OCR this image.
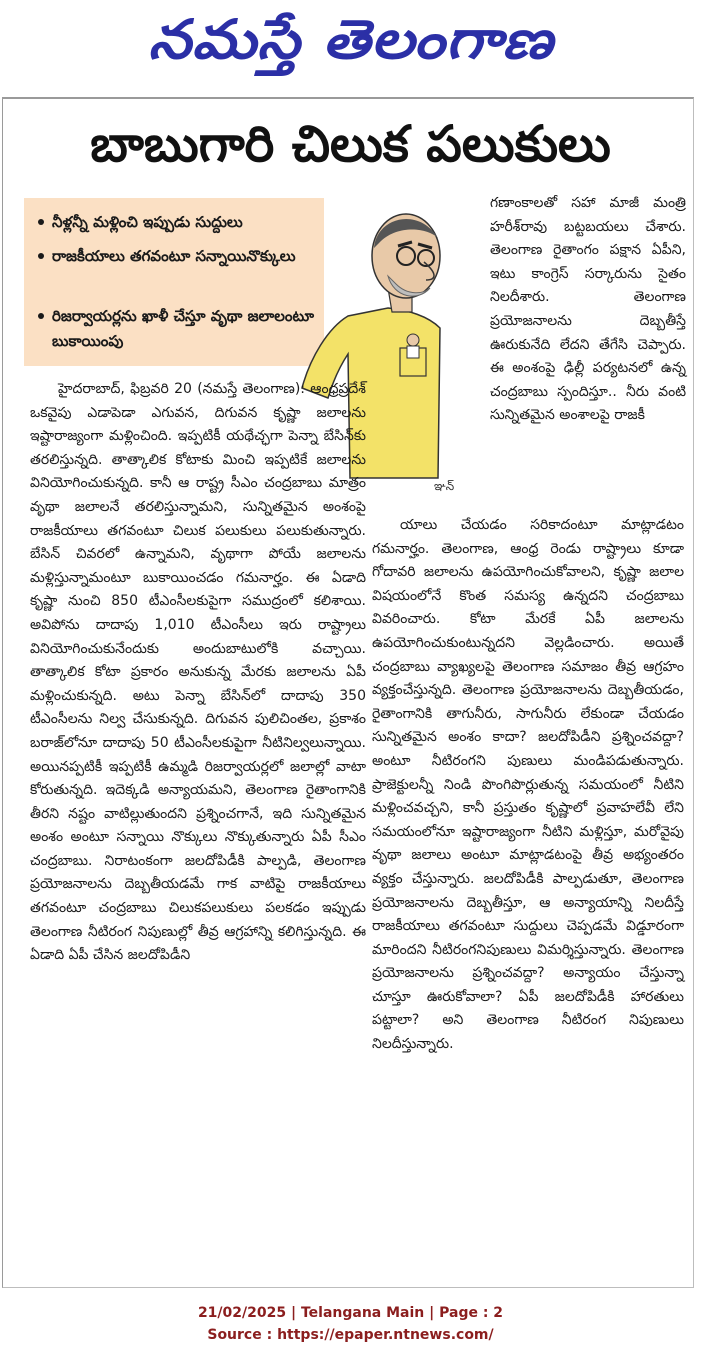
నమస్తే తెలంగాణ
బాబుగారి చిలుక పలుకులు
నీళ్లన్నీ మళ్లించి ఇప్పుడు సుద్దులు
రాజకీయాలు తగవంటూ సన్నాయినొక్కులు
రిజర్వాయర్లను ఖాళీ చేస్తూ వృథా జలాలంటూ బుకాయింపు
ఞన్

గణాంకాలతో సహా మాజీ మంత్రి హరీశ్‌రావు బట్టబయలు చేశారు. తెలంగాణ రైతాంగం పక్షాన ఏపీని, ఇటు కాంగ్రెస్‌ సర్కారును సైతం నిలదీశారు. తెలంగాణ ప్రయోజనాలను దెబ్బతీస్తే ఊరుకునేది లేదని తేగేసి చెప్పారు. ఈ అంశంపై ఢిల్లీ పర్యటనలో ఉన్న చంద్రబాబు స్పందిస్తూ.. నీరు వంటి సున్నితమైన అంశాలపై రాజకీ

హైదరాబాద్‌, ఫిబ్రవరి 20 (నమస్తే తెలంగాణ): ఆంధ్రప్రదేశ్‌ ఒకవైపు ఎడాపెడా ఎగువన, దిగువన కృష్ణా జలాలను ఇష్టారాజ్యంగా మళ్లించింది. ఇప్పటికీ యథేచ్ఛగా పెన్నా బేసిన్‌కు తరలిస్తున్నది. తాత్కాలిక కోటాకు మించి ఇప్పటికే జలాలను వినియోగించుకున్నది. కానీ ఆ రాష్ట్ర సీఎం చంద్రబాబు మాత్రం వృథా జలాలనే తరలిస్తున్నామని, సున్నితమైన అంశంపై రాజకీయాలు తగవంటూ చిలుక పలుకులు పలుకుతున్నారు. బేసిన్‌ చివరలో ఉన్నామని, వృథాగా పోయే జలాలను మళ్లిస్తున్నామంటూ బుకాయించడం గమనార్హం. ఈ ఏడాది కృష్ణా నుంచి 850 టీఎంసీలకుపైగా సముద్రంలో కలిశాయి. అవిపోను దాదాపు 1,010 టీఎంసీలు ఇరు రాష్ట్రాలు వినియోగించుకునేందుకు అందుబాటులోకి వచ్చాయి. తాత్కాలిక కోటా ప్రకారం అనుకున్న మేరకు జలాలను ఏపీ మళ్లించుకున్నది. అటు పెన్నా బేసిన్‌లో దాదాపు 350 టీఎంసీలను నిల్వ చేసుకున్నది. దిగువన పులిచింతల, ప్రకాశం బరాజ్‌లోనూ దాదాపు 50 టీఎంసీలకుపైగా నీటినిల్వలున్నాయి. అయినప్పటికీ ఇప్పటికీ ఉమ్మడి రిజర్వాయర్లలో జలాల్లో వాటా కోరుతున్నది. ఇదెక్కడి అన్యాయమని, తెలంగాణ రైతాంగానికి తీరని నష్టం వాటిల్లుతుందని ప్రశ్నించగానే, ఇది సున్నితమైన అంశం అంటూ సన్నాయి నొక్కులు నొక్కుతున్నారు ఏపీ సీఎం చంద్రబాబు. నిరాటంకంగా జలదోపిడీకి పాల్పడి, తెలంగాణ ప్రయోజనాలను దెబ్బతీయడమే గాక వాటిపై రాజకీయాలు తగవంటూ చంద్రబాబు చిలుకపలుకులు పలకడం ఇప్పుడు తెలంగాణ నీటిరంగ నిపుణుల్లో తీవ్ర ఆగ్రహాన్ని కలిగిస్తున్నది. ఈ ఏడాది ఏపీ చేసిన జలదోపిడీని

యాలు చేయడం సరికాదంటూ మాట్లాడటం గమనార్హం. తెలంగాణ, ఆంధ్ర రెండు రాష్ట్రాలు కూడా గోదావరి జలాలను ఉపయోగించుకోవాలని, కృష్ణా జలాల విషయంలోనే కొంత సమస్య ఉన్నదని చంద్రబాబు వివరించారు. కోటా మేరకే ఏపీ జలాలను ఉపయోగించుకుంటున్నదని వెల్లడించారు. అయితే చంద్రబాబు వ్యాఖ్యలపై తెలంగాణ సమాజం తీవ్ర ఆగ్రహం వ్యక్తంచేస్తున్నది. తెలంగాణ ప్రయోజనాలను దెబ్బతీయడం, రైతాంగానికి తాగునీరు, సాగునీరు లేకుండా చేయడం సున్నితమైన అంశం కాదా? జలదోపిడీని ప్రశ్నించవద్దా? అంటూ నీటిరంగని పుణులు మండిపడుతున్నారు. ప్రాజెక్టులన్నీ నిండి పొంగిపొర్లుతున్న సమయంలో నీటిని మళ్లించవచ్చని, కానీ ప్రస్తుతం కృష్ణాలో ప్రవాహలేవీ లేని సమయంలోనూ ఇష్టారాజ్యంగా నీటిని మళ్లిస్తూ, మరోవైపు వృథా జలాలు అంటూ మాట్లాడటంపై తీవ్ర అభ్యంతరం వ్యక్తం చేస్తున్నారు. జలదోపిడీకి పాల్పడుతూ, తెలంగాణ ప్రయోజనాలను దెబ్బతీస్తూ, ఆ అన్యాయాన్ని నిలదీస్తే రాజకీయాలు తగవంటూ సుద్దులు చెప్పడమే విడ్డూరంగా మారిందని నీటిరంగనిపుణులు విమర్శిస్తున్నారు. తెలంగాణ ప్రయోజనాలను ప్రశ్నించవద్దా? అన్యాయం చేస్తున్నా చూస్తూ ఊరుకోవాలా? ఏపీ జలదోపిడీకి హారతులు పట్టాలా? అని తెలంగాణ నీటిరంగ నిపుణులు నిలదీస్తున్నారు.

21/02/2025 | Telangana Main | Page : 2
Source : https://epaper.ntnews.com/
